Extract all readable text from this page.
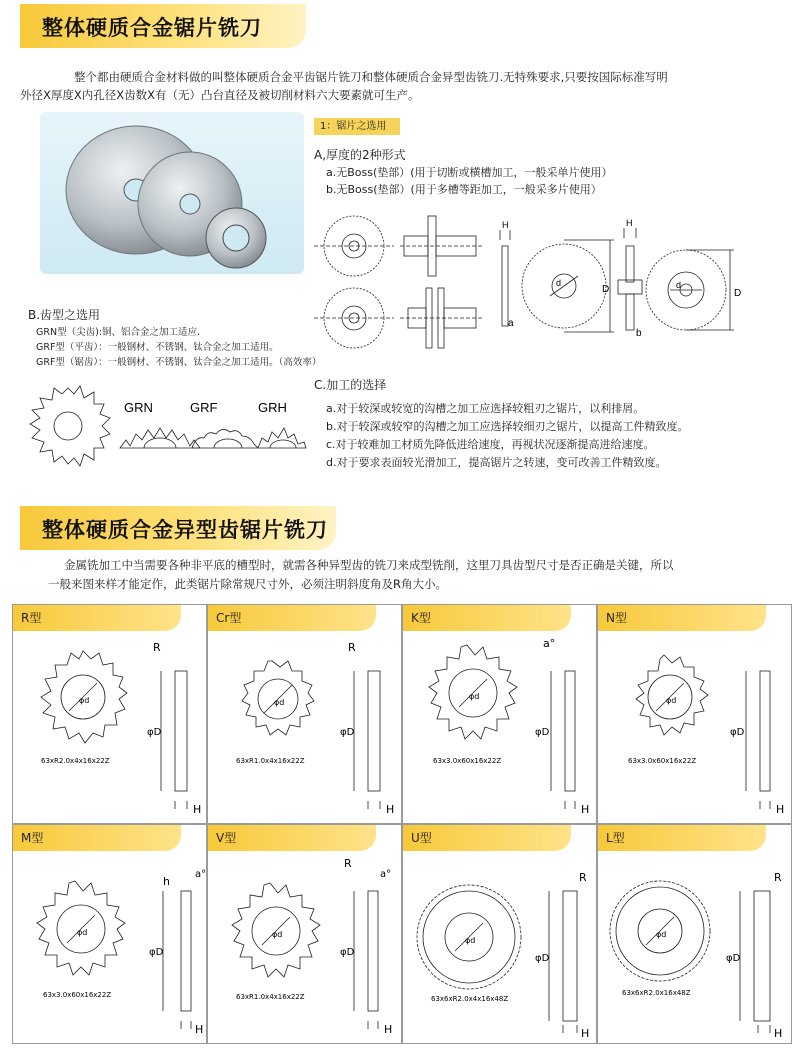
整体硬质合金锯片铣刀
整个都由硬质合金材料做的叫整体硬质合金平齿锯片铣刀和整体硬质合金异型齿铣刀.无特殊要求,只要按国际标准写明
外径X厚度X内孔径X齿数X有（无）凸台直径及被切削材料六大要素就可生产。
1：锯片之选用
A,厚度的2种形式
a.无Boss(垫部）(用于切断或横槽加工，一般采单片使用）
b.无Boss(垫部）(用于多槽等距加工，一般采多片使用）
H
a
d
D
H
b
d
D
B.齿型之选用
GRN型（尖齿):铜、铝合金之加工适应.
GRF型（平齿）：一般钢材、不锈钢、钛合金之加工适用。
GRF型（锯齿）：一般钢材、不锈钢、钛合金之加工适用。（高效率）
GRN	GRF	GRH
C.加工的选择
a.对于较深或较宽的沟槽之加工应选择较粗刃之锯片，以利排屑。
b.对于较深或较窄的沟槽之加工应选择较细刃之锯片，以提高工件精致度。
c.对于较难加工材质先降低进给速度，再视状况逐渐提高进给速度。
d.对于要求表面较光滑加工，提高锯片之转速，变可改善工件精致度。
整体硬质合金异型齿锯片铣刀
金属铣加工中当需要各种非平底的槽型时，就需各种异型齿的铣刀来成型铣削，这里刀具齿型尺寸是否正确是关键，所以
一般来图来样才能定作，此类锯片除常规尺寸外，必须注明斜度角及R角大小。
R型
R
H
φd
φD
63xR2.0x4x16x22Z
Cr型
R
H
φd
φD
63xR1.0x4x16x22Z
K型
a°
H
φd
φD
63x3.0x60x16x22Z
N型
H
φd
φD
63x3.0x60x16x22Z
M型
h
a°
H
φd
φD
63x3.0x60x16x22Z
V型
R
a°
H
φd
φD
63xR1.0x4x16x22Z
U型
R
H
φd
φD
63x6xR2.0x4x16x48Z
L型
R
H
φd
φD
63x6xR2.0x16x48Z
